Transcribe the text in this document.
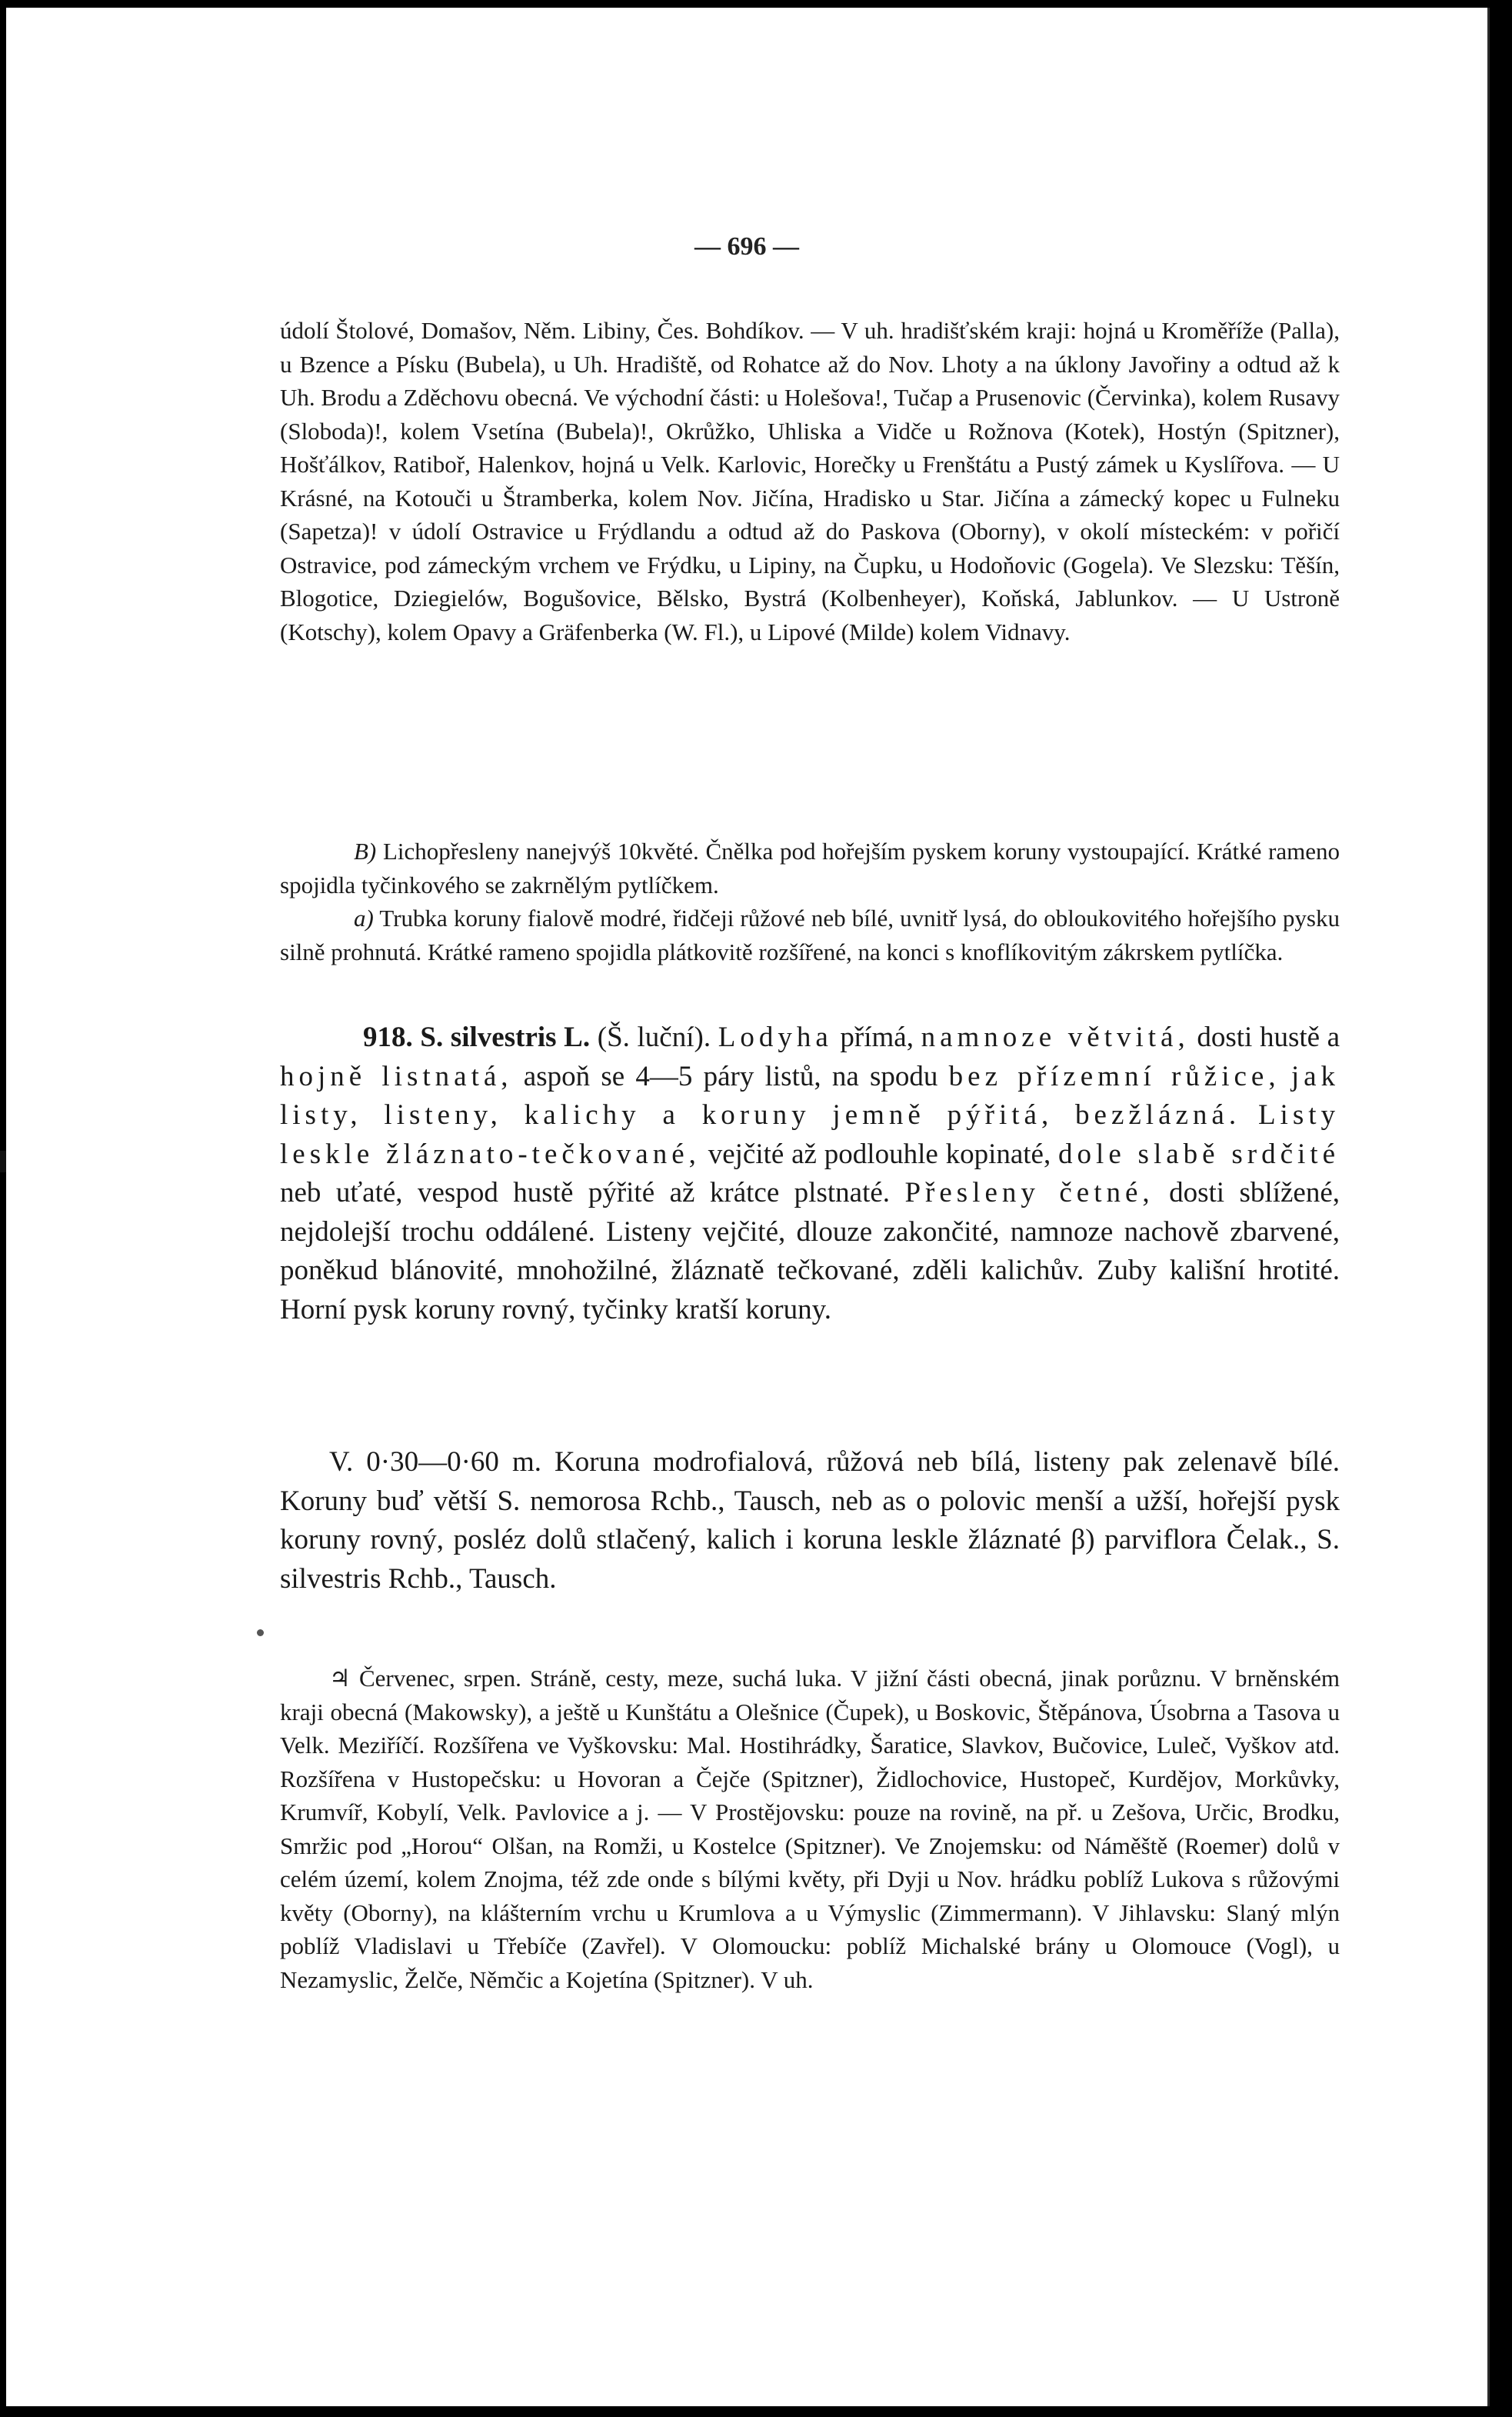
— 696 —

údolí Štolové, Domašov, Něm. Libiny, Čes. Bohdíkov. — V uh. hradišťském kraji: hojná u Kroměříže (Palla), u Bzence a Písku (Bubela), u Uh. Hradiště, od Rohatce až do Nov. Lhoty a na úklony Javořiny a odtud až k Uh. Brodu a Zděchovu obecná. Ve východní části: u Holešova!, Tučap a Prusenovic (Červinka), kolem Rusavy (Sloboda)!, kolem Vsetína (Bubela)!, Okrůžko, Uhliska a Vidče u Rožnova (Kotek), Hostýn (Spitzner), Hošťálkov, Ratiboř, Halenkov, hojná u Velk. Karlovic, Horečky u Frenštátu a Pustý zámek u Kyslířova. — U Krásné, na Kotouči u Štramberka, kolem Nov. Jičína, Hradisko u Star. Jičína a zámecký kopec u Fulneku (Sapetza)! v údolí Ostravice u Frýdlandu a odtud až do Paskova (Oborny), v okolí místeckém: v pořičí Ostravice, pod zámeckým vrchem ve Frýdku, u Lipiny, na Čupku, u Hodoňovic (Gogela). Ve Slezsku: Těšín, Blogotice, Dziegielów, Bogušovice, Bělsko, Bystrá (Kolbenheyer), Koňská, Jablunkov. — U Ustroně (Kotschy), kolem Opavy a Gräfenberka (W. Fl.), u Lipové (Milde) kolem Vidnavy.

B) Lichopřesleny nanejvýš 10květé. Čnělka pod hořejším pyskem koruny vystoupající. Krátké rameno spojidla tyčinkového se zakrnělým pytlíčkem.

a) Trubka koruny fialově modré, řidčeji růžové neb bílé, uvnitř lysá, do obloukovitého hořejšího pysku silně prohnutá. Krátké rameno spojidla plátkovitě rozšířené, na konci s knoflíkovitým zákrskem pytlíčka.

918. S. silvestris L. (Š. luční). Lodyha přímá, namnoze větvitá, dosti hustě a hojně listnatá, aspoň se 4—5 páry listů, na spodu bez přízemní růžice, jak listy, listeny, kalichy a koruny jemně pýřitá, bezžlázná. Listy leskle žláznato-tečkované, vejčité až podlouhle kopinaté, dole slabě srdčité neb uťaté, vespod hustě pýřité až krátce plstnaté. Přesleny četné, dosti sblížené, nejdolejší trochu oddálené. Listeny vejčité, dlouze zakončité, namnoze nachově zbarvené, poněkud blánovité, mnohožilné, žláznatě tečkované, zděli kalichův. Zuby kališní hrotité. Horní pysk koruny rovný, tyčinky kratší koruny.

V. 0·30—0·60 m. Koruna modrofialová, růžová neb bílá, listeny pak zelenavě bílé. Koruny buď větší S. nemorosa Rchb., Tausch, neb as o polovic menší a užší, hořejší pysk koruny rovný, posléz dolů stlačený, kalich i koruna leskle žláznaté β) parviflora Čelak., S. silvestris Rchb., Tausch.

♃ Červenec, srpen. Stráně, cesty, meze, suchá luka. V jižní části obecná, jinak porůznu. V brněnském kraji obecná (Makowsky), a ještě u Kunštátu a Olešnice (Čupek), u Boskovic, Štěpánova, Úsobrna a Tasova u Velk. Meziříčí. Rozšířena ve Vyškovsku: Mal. Hostihrádky, Šaratice, Slavkov, Bučovice, Luleč, Vyškov atd. Rozšířena v Hustopečsku: u Hovoran a Čejče (Spitzner), Židlochovice, Hustopeč, Kurdějov, Morkůvky, Krumvíř, Kobylí, Velk. Pavlovice a j. — V Prostějovsku: pouze na rovině, na př. u Zešova, Určic, Brodku, Smržic pod „Horou“ Olšan, na Romži, u Kostelce (Spitzner). Ve Znojemsku: od Náměště (Roemer) dolů v celém území, kolem Znojma, též zde onde s bílými květy, při Dyji u Nov. hrádku poblíž Lukova s růžovými květy (Oborny), na klášterním vrchu u Krumlova a u Výmyslic (Zimmermann). V Jihlavsku: Slaný mlýn poblíž Vladislavi u Třebíče (Zavřel). V Olomoucku: poblíž Michalské brány u Olomouce (Vogl), u Nezamyslic, Želče, Němčic a Kojetína (Spitzner). V uh.
